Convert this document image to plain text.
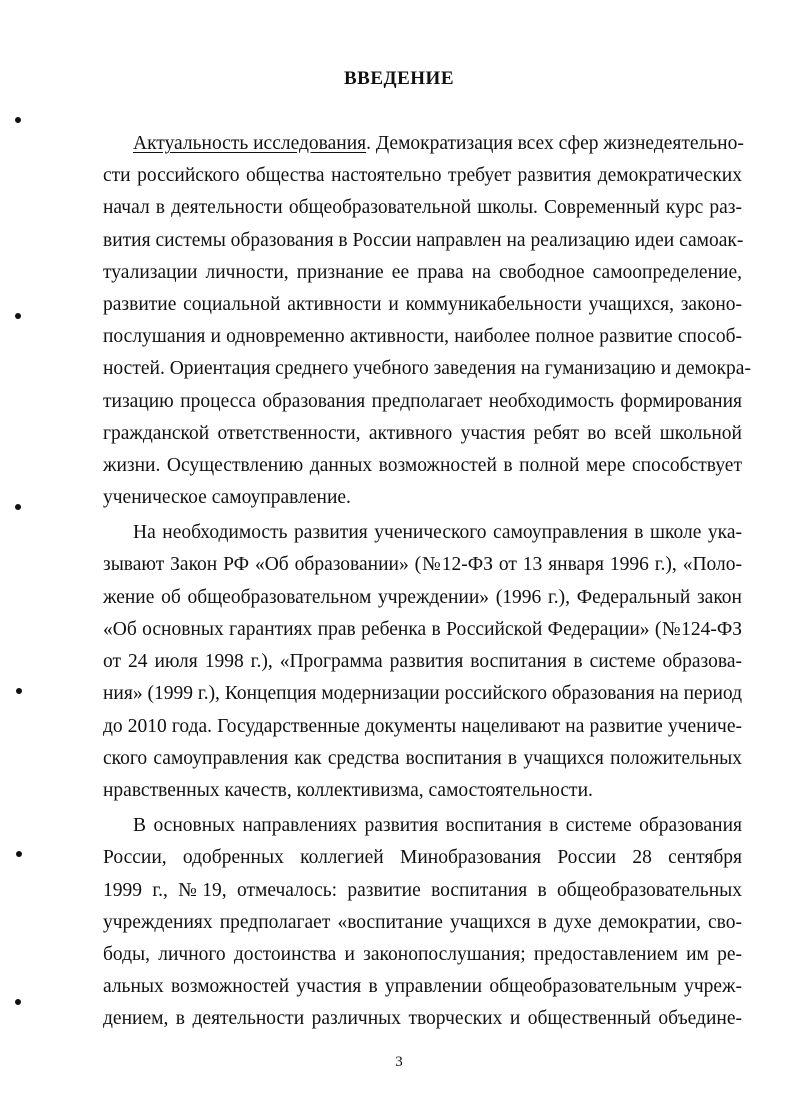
ВВЕДЕНИЕ
Актуальность исследования. Демократизация всех сфер жизнедеятельно-
сти российского общества настоятельно требует развития демократических
начал в деятельности общеобразовательной школы. Современный курс раз-
вития системы образования в России направлен на реализацию идеи самоак-
туализации личности, признание ее права на свободное самоопределение,
развитие социальной активности и коммуникабельности учащихся, законо-
послушания и одновременно активности, наиболее полное развитие способ-
ностей. Ориентация среднего учебного заведения на гуманизацию и демокра-
тизацию процесса образования предполагает необходимость формирования
гражданской ответственности, активного участия ребят во всей школьной
жизни. Осуществлению данных возможностей в полной мере способствует
ученическое самоуправление.
На необходимость развития ученического самоуправления в школе ука-
зывают Закон РФ «Об образовании» (№12-ФЗ от 13 января 1996 г.), «Поло-
жение об общеобразовательном учреждении» (1996 г.), Федеральный закон
«Об основных гарантиях прав ребенка в Российской Федерации» (№124-ФЗ
от 24 июля 1998 г.), «Программа развития воспитания в системе образова-
ния» (1999 г.), Концепция модернизации российского образования на период
до 2010 года. Государственные документы нацеливают на развитие учениче-
ского самоуправления как средства воспитания в учащихся положительных
нравственных качеств, коллективизма, самостоятельности.
В основных направлениях развития воспитания в системе образования
России, одобренных коллегией Минобразования России 28 сентября
1999 г., №19, отмечалось: развитие воспитания в общеобразовательных
учреждениях предполагает «воспитание учащихся в духе демократии, сво-
боды, личного достоинства и законопослушания; предоставлением им ре-
альных возможностей участия в управлении общеобразовательным учреж-
дением, в деятельности различных творческих и общественный объедине-
3
